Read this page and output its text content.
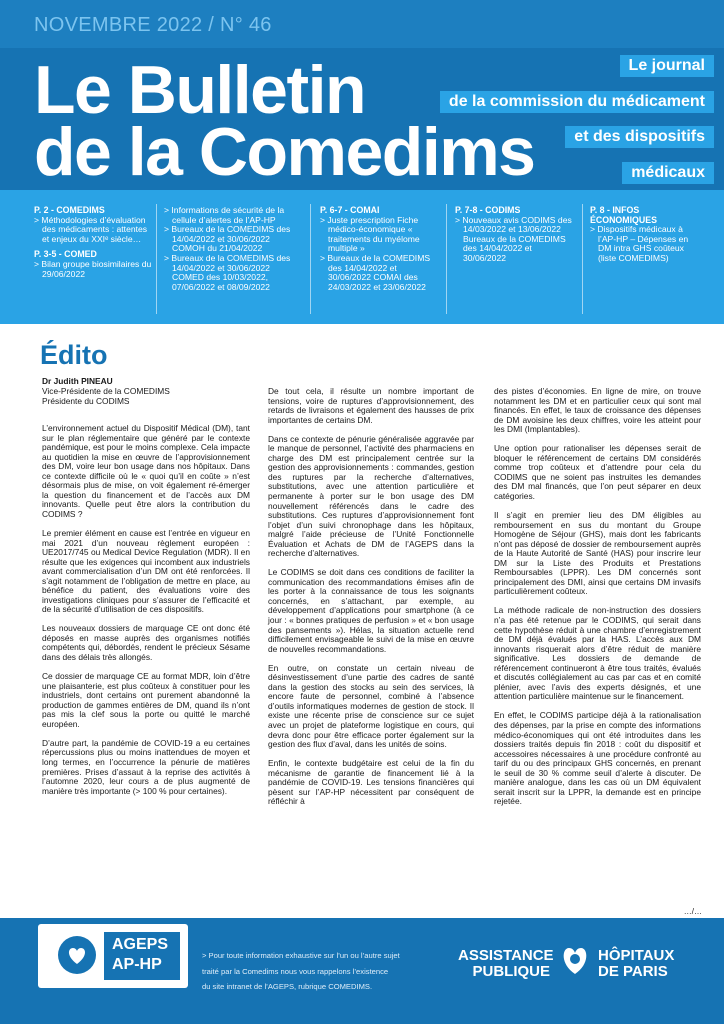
NOVEMBRE 2022 / N° 46
Le Bulletin
de la Comedims
Le journal
de la commission du médicament
et des dispositifs
médicaux
P. 2 - COMEDIMS
> Méthodologies d’évaluation des médicaments : attentes et enjeux du XXIᵉ siècle…
P. 3-5 - COMED
> Bilan groupe biosimilaires du 29/06/2022
> Informations de sécurité de la cellule d’alertes de l’AP-HP
> Bureaux de la COMEDIMS des 14/04/2022 et 30/06/2022 COMOH du 21/04/2022
> Bureaux de la COMEDIMS des 14/04/2022 et 30/06/2022 COMED des 10/03/2022, 07/06/2022 et 08/09/2022
P. 6-7 - COMAI
> Juste prescription Fiche médico-économique « traitements du myélome multiple »
> Bureaux de la COMEDIMS des 14/04/2022 et 30/06/2022 COMAI des 24/03/2022 et 23/06/2022
P. 7-8 - CODIMS
> Nouveaux avis CODIMS des 14/03/2022 et 13/06/2022 Bureaux de la COMEDIMS des 14/04/2022 et 30/06/2022
P. 8 - INFOS ÉCONOMIQUES
> Dispositifs médicaux à l’AP-HP – Dépenses en DM intra GHS coûteux (liste COMEDIMS)
Édito
Dr Judith PINEAU
Vice-Présidente de la COMEDIMS
Présidente du CODIMS

L’environnement actuel du Dispositif Médical (DM), tant sur le plan réglementaire que généré par le contexte pandémique, est pour le moins complexe. Cela impacte au quotidien la mise en œuvre de l’approvisionnement des DM, voire leur bon usage dans nos hôpitaux. Dans ce contexte difficile où le « quoi qu’il en coûte » n’est désormais plus de mise, on voit également ré-émerger la question du financement et de l’accès aux DM innovants. Quelle peut être alors la contribution du CODIMS ?

Le premier élément en cause est l’entrée en vigueur en mai 2021 d’un nouveau règlement européen : UE2017/745 ou Medical Device Regulation (MDR). Il en résulte que les exigences qui incombent aux industriels avant commercialisation d’un DM ont été renforcées. Il s’agit notamment de l’obligation de mettre en place, au bénéfice du patient, des évaluations voire des investigations cliniques pour s’assurer de l’efficacité et de la sécurité d’utilisation de ces dispositifs.

Les nouveaux dossiers de marquage CE ont donc été déposés en masse auprès des organismes notifiés compétents qui, débordés, rendent le précieux Sésame dans des délais très allongés.

Ce dossier de marquage CE au format MDR, loin d’être une plaisanterie, est plus coûteux à constituer pour les industriels, dont certains ont purement abandonné la production de gammes entières de DM, quand ils n’ont pas mis la clef sous la porte ou quitté le marché européen.

D’autre part, la pandémie de COVID-19 a eu certaines répercussions plus ou moins inattendues de moyen et long termes, en l’occurrence la pénurie de matières premières. Prises d’assaut à la reprise des activités à l’automne 2020, leur cours a de plus augmenté de manière très importante (> 100 % pour certaines).

De tout cela, il résulte un nombre important de tensions, voire de ruptures d’approvisionnement, des retards de livraisons et également des hausses de prix importantes de certains DM.

Dans ce contexte de pénurie généralisée aggravée par le manque de personnel, l’activité des pharmaciens en charge des DM est principalement centrée sur la gestion des approvisionnements : commandes, gestion des ruptures par la recherche d’alternatives, substitutions, avec une attention particulière et permanente à porter sur le bon usage des DM nouvellement référencés dans le cadre des substitutions. Ces ruptures d’approvisionnement font l’objet d’un suivi chronophage dans les hôpitaux, malgré l’aide précieuse de l’Unité Fonctionnelle Évaluation et Achats de DM de l’AGEPS dans la recherche d’alternatives.

Le CODIMS se doit dans ces conditions de faciliter la communication des recommandations émises afin de les porter à la connaissance de tous les soignants concernés, en s’attachant, par exemple, au développement d’applications pour smartphone (à ce jour : « bonnes pratiques de perfusion » et « bon usage des pansements »). Hélas, la situation actuelle rend difficilement envisageable le suivi de la mise en œuvre de nouvelles recommandations.

En outre, on constate un certain niveau de désinvestissement d’une partie des cadres de santé dans la gestion des stocks au sein des services, là encore faute de personnel, combiné à l’absence d’outils informatiques modernes de gestion de stock. Il existe une récente prise de conscience sur ce sujet avec un projet de plateforme logistique en cours, qui devra donc pour être efficace porter également sur la gestion des flux d’aval, dans les unités de soins.

Enfin, le contexte budgétaire est celui de la fin du mécanisme de garantie de financement lié à la pandémie de COVID-19. Les tensions financières qui pèsent sur l’AP-HP nécessitent par conséquent de réfléchir à

des pistes d’économies. En ligne de mire, on trouve notamment les DM et en particulier ceux qui sont mal financés. En effet, le taux de croissance des dépenses de DM avoisine les deux chiffres, voire les atteint pour les DMI (Implantables).

Une option pour rationaliser les dépenses serait de bloquer le référencement de certains DM considérés comme trop coûteux et d’attendre pour cela du CODIMS que ne soient pas instruites les demandes des DM mal financés, que l’on peut séparer en deux catégories.

Il s’agit en premier lieu des DM éligibles au remboursement en sus du montant du Groupe Homogène de Séjour (GHS), mais dont les fabricants n’ont pas déposé de dossier de remboursement auprès de la Haute Autorité de Santé (HAS) pour inscrire leur DM sur la Liste des Produits et Prestations Remboursables (LPPR). Les DM concernés sont principalement des DMI, ainsi que certains DM invasifs particulièrement coûteux.

La méthode radicale de non-instruction des dossiers n’a pas été retenue par le CODIMS, qui serait dans cette hypothèse réduit à une chambre d’enregistrement de DM déjà évalués par la HAS. L’accès aux DM innovants risquerait alors d’être réduit de manière significative. Les dossiers de demande de référencement continueront à être tous traités, évalués et discutés collégialement au cas par cas et en comité plénier, avec l’avis des experts désignés, et une attention particulière maintenue sur le financement.

En effet, le CODIMS participe déjà à la rationalisation des dépenses, par la prise en compte des informations médico-économiques qui ont été introduites dans les dossiers traités depuis fin 2018 : coût du dispositif et accessoires nécessaires à une procédure confronté au tarif du ou des principaux GHS concernés, en prenant le seuil de 30 % comme seuil d’alerte à discuter. De manière analogue, dans les cas où un DM équivalent serait inscrit sur la LPPR, la demande est en principe rejetée.

…/…
AGEPS
AP-HP
> Pour toute information exhaustive sur l’un ou l’autre sujet
traité par la Comedims nous vous rappelons l’existence
du site intranet de l’AGEPS, rubrique COMEDIMS.
ASSISTANCE
PUBLIQUE
HÔPITAUX
DE PARIS
